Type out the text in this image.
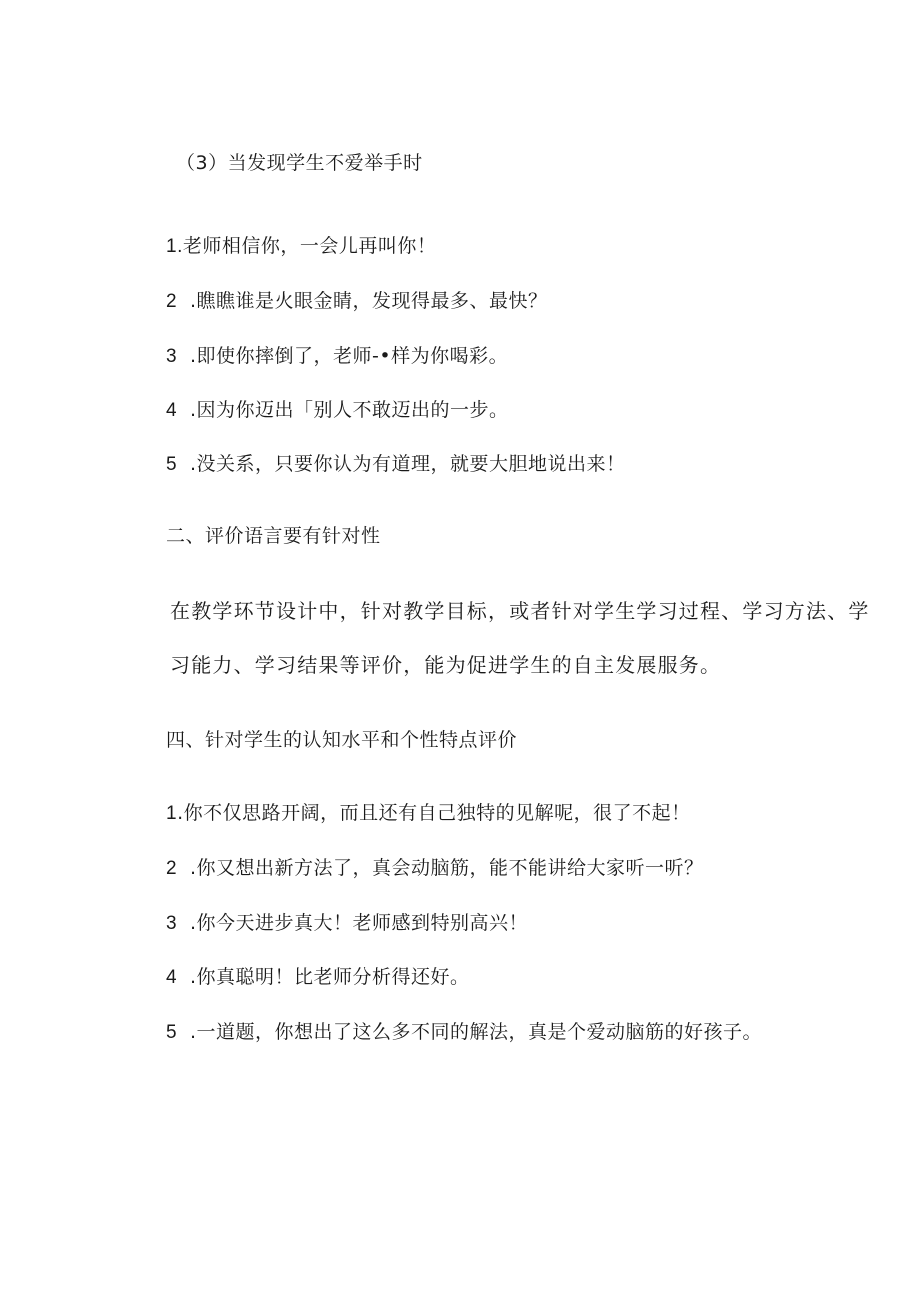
（3）当发现学生不爱举手时
1.老师相信你，一会儿再叫你！
2 .瞧瞧谁是火眼金睛，发现得最多、最快？
3 .即使你摔倒了，老师-•样为你喝彩。
4 .因为你迈出「别人不敢迈出的一步。
5 .没关系，只要你认为有道理，就要大胆地说出来！
二、评价语言要有针对性
在教学环节设计中，针对教学目标，或者针对学生学习过程、学习方法、学
习能力、学习结果等评价，能为促进学生的自主发展服务。
四、针对学生的认知水平和个性特点评价
1.你不仅思路开阔，而且还有自己独特的见解呢，很了不起！
2 .你又想出新方法了，真会动脑筋，能不能讲给大家听一听？
3 .你今天进步真大！老师感到特别高兴！
4 .你真聪明！比老师分析得还好。
5 .一道题，你想出了这么多不同的解法，真是个爱动脑筋的好孩子。
